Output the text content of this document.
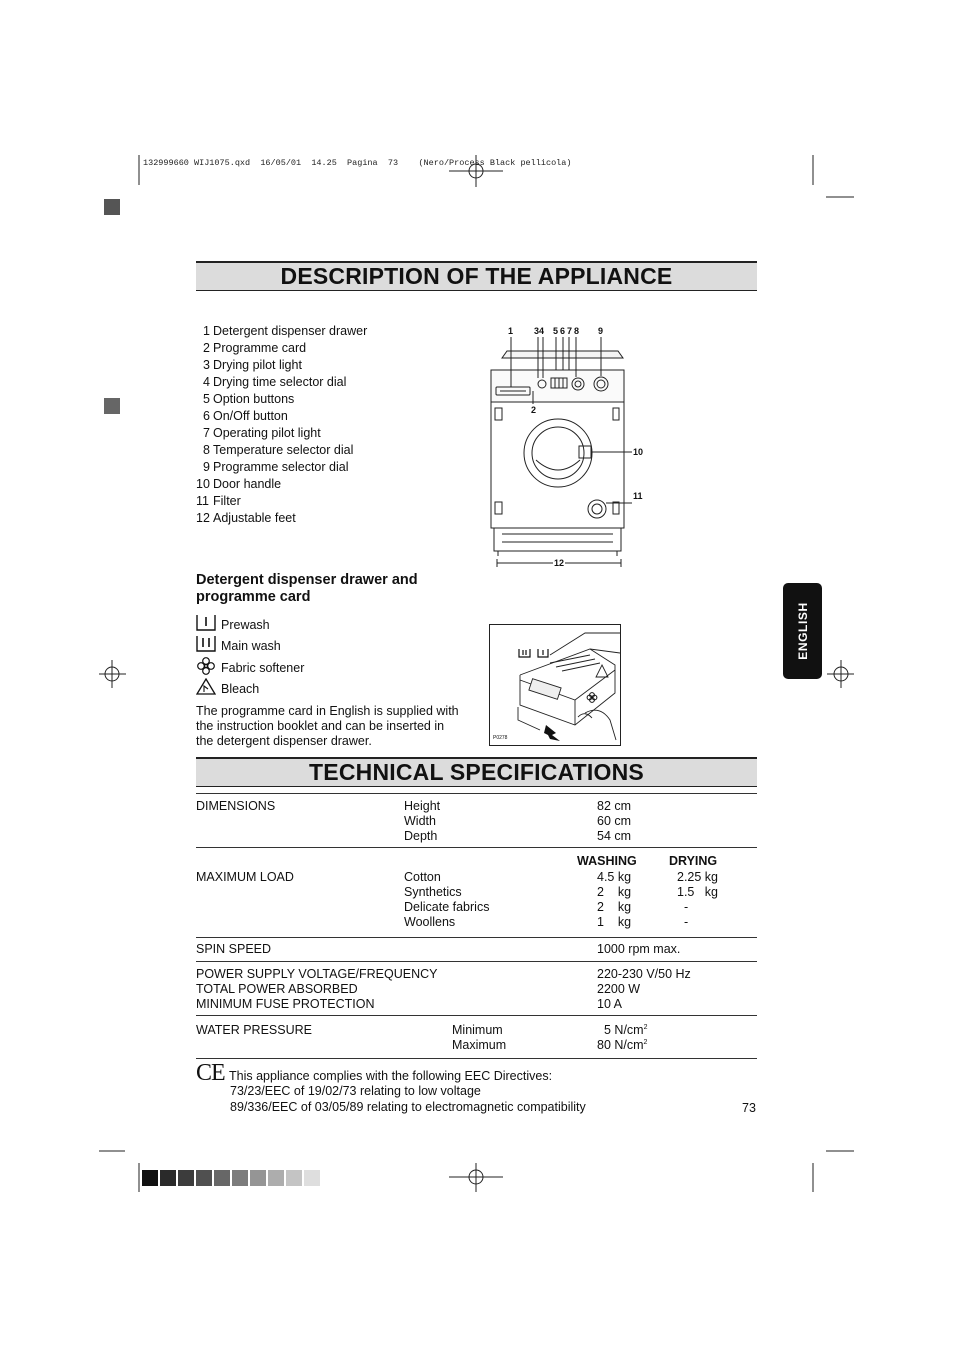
132999660 WIJ1075.qxd  16/05/01  14.25  Pagina  73    (Nero/Process Black pellicola)
DESCRIPTION OF THE APPLIANCE
1 Detergent dispenser drawer
2 Programme card
3 Drying pilot light
4 Drying time selector dial
5 Option buttons
6 On/Off button
7 Operating pilot light
8 Temperature selector dial
9 Programme selector dial
10 Door handle
11 Filter
12 Adjustable feet
1 34 5 6 7 8 9
2
10
11
12
Detergent dispenser drawer and programme card
Prewash
Main wash
Fabric softener
Bleach
The programme card in English is supplied with
the instruction booklet and can be inserted in
the detergent dispenser drawer.	P0278
ENGLISH
TECHNICAL SPECIFICATIONS
DIMENSIONS	Height	82 cm
Width	60 cm
Depth	54 cm
WASHING	DRYING
MAXIMUM LOAD	Cotton	4.5 kg	2.25 kg
Synthetics	2    kg	1.5   kg
Delicate fabrics	2    kg	-
Woollens	1    kg	-
SPIN SPEED	1000 rpm max.
POWER SUPPLY VOLTAGE/FREQUENCY	220-230 V/50 Hz
TOTAL POWER ABSORBED	2200 W
MINIMUM FUSE PROTECTION	10 A
WATER PRESSURE	Minimum	5 $N/cm^2$
Maximum	80 $N/cm^2$
CE This appliance complies with the following EEC Directives:
73/23/EEC of 19/02/73 relating to low voltage
89/336/EEC of 03/05/89 relating to electromagnetic compatibility	73
